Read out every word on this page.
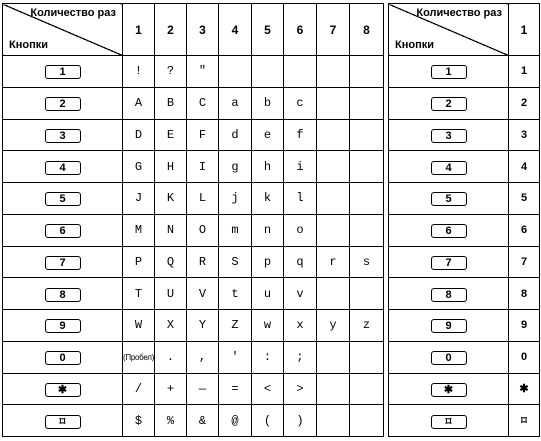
Количество раз
Кнопки	1	2	3	4	5	6	7	8
1	!	?	"					
2	A	B	C	a	b	c		
3	D	E	F	d	e	f		
4	G	H	I	g	h	i		
5	J	K	L	j	k	l		
6	M	N	O	m	n	o		
7	P	Q	R	S	p	q	r	s
8	T	U	V	t	u	v		
9	W	X	Y	Z	w	x	y	z
0	(Пробел)	.	,	'	:	;		
✱	/	+	—	=	<	>		
⌑	$	%	&	@	(	)		
Количество раз
Кнопки	1
1	1
2	2
3	3
4	4
5	5
6	6
7	7
8	8
9	9
0	0
✱	✱
⌑	⌑
